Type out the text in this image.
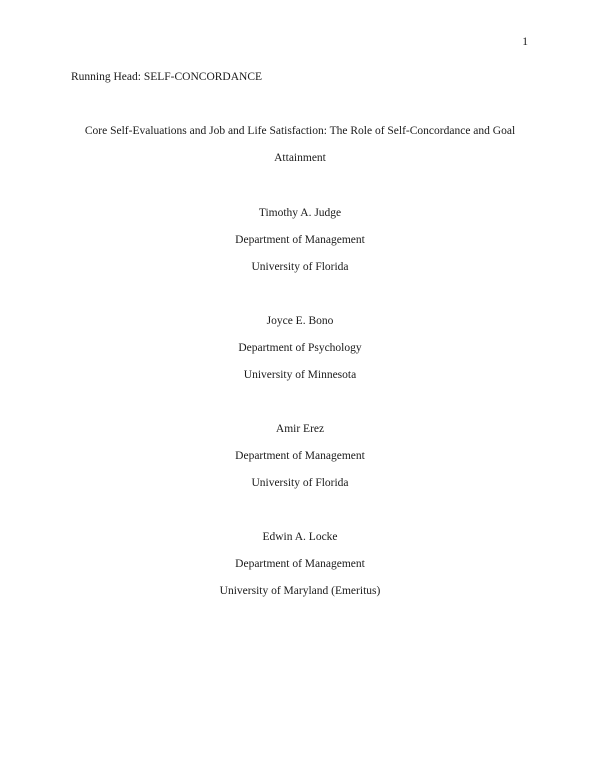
1
Running Head: SELF-CONCORDANCE
Core Self-Evaluations and Job and Life Satisfaction: The Role of Self-Concordance and Goal
Attainment
Timothy A. Judge
Department of Management
University of Florida
Joyce E. Bono
Department of Psychology
University of Minnesota
Amir Erez
Department of Management
University of Florida
Edwin A. Locke
Department of Management
University of Maryland (Emeritus)
